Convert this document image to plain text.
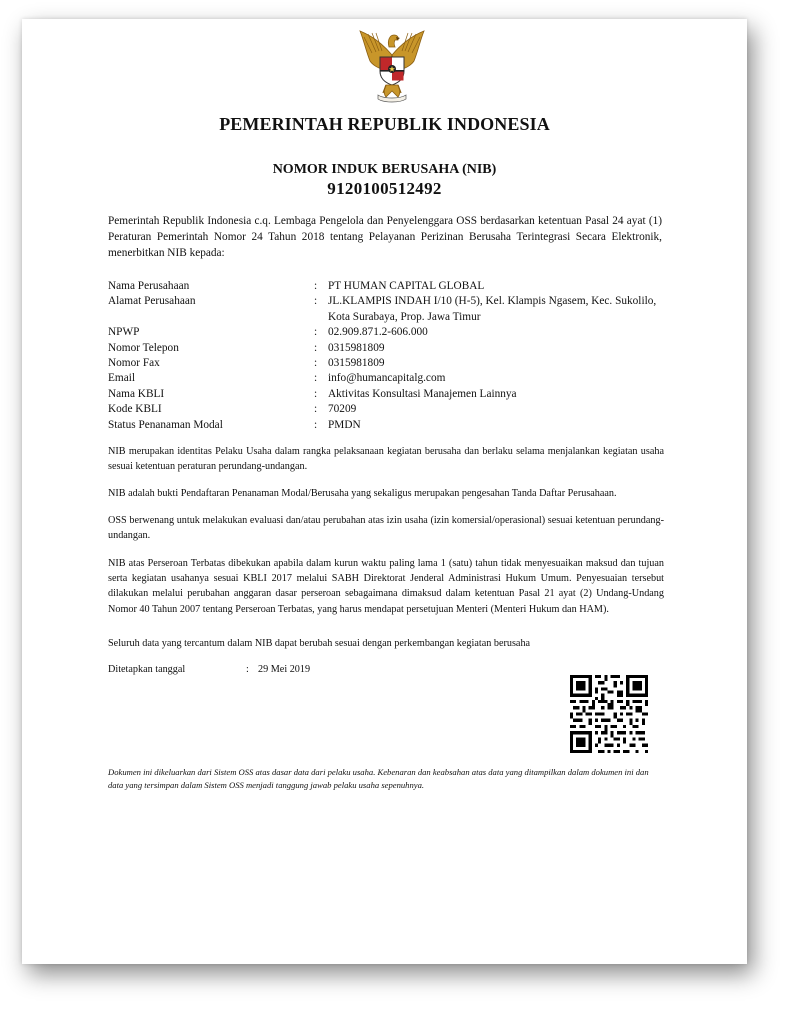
PEMERINTAH REPUBLIK INDONESIA
NOMOR INDUK BERUSAHA (NIB)
9120100512492
Pemerintah Republik Indonesia c.q. Lembaga Pengelola dan Penyelenggara OSS berdasarkan ketentuan Pasal 24 ayat (1) Peraturan Pemerintah Nomor 24 Tahun 2018 tentang Pelayanan Perizinan Berusaha Terintegrasi Secara Elektronik, menerbitkan NIB kepada:
Nama Perusahaan	: PT HUMAN CAPITAL GLOBAL
Alamat Perusahaan	: JL.KLAMPIS INDAH I/10 (H-5), Kel. Klampis Ngasem, Kec. Sukolilo, Kota Surabaya, Prop. Jawa Timur
NPWP	: 02.909.871.2-606.000
Nomor Telepon	: 0315981809
Nomor Fax	: 0315981809
Email	: info@humancapitalg.com
Nama KBLI	: Aktivitas Konsultasi Manajemen Lainnya
Kode KBLI	: 70209
Status Penanaman Modal	: PMDN
NIB merupakan identitas Pelaku Usaha dalam rangka pelaksanaan kegiatan berusaha dan berlaku selama menjalankan kegiatan usaha sesuai ketentuan peraturan perundang-undangan.
NIB adalah bukti Pendaftaran Penanaman Modal/Berusaha yang sekaligus merupakan pengesahan Tanda Daftar Perusahaan.
OSS berwenang untuk melakukan evaluasi dan/atau perubahan atas izin usaha (izin komersial/operasional) sesuai ketentuan perundang-undangan.
NIB atas Perseroan Terbatas dibekukan apabila dalam kurun waktu paling lama 1 (satu) tahun tidak menyesuaikan maksud dan tujuan serta kegiatan usahanya sesuai KBLI 2017 melalui SABH Direktorat Jenderal Administrasi Hukum Umum. Penyesuaian tersebut dilakukan melalui perubahan anggaran dasar perseroan sebagaimana dimaksud dalam ketentuan Pasal 21 ayat (2) Undang-Undang Nomor 40 Tahun 2007 tentang Perseroan Terbatas, yang harus mendapat persetujuan Menteri (Menteri Hukum dan HAM).
Seluruh data yang tercantum dalam NIB dapat berubah sesuai dengan perkembangan kegiatan berusaha
Ditetapkan tanggal	: 29 Mei 2019
Dokumen ini dikeluarkan dari Sistem OSS atas dasar data dari pelaku usaha. Kebenaran dan keabsahan atas data yang ditampilkan dalam dokumen ini dan data yang tersimpan dalam Sistem OSS menjadi tanggung jawab pelaku usaha sepenuhnya.
